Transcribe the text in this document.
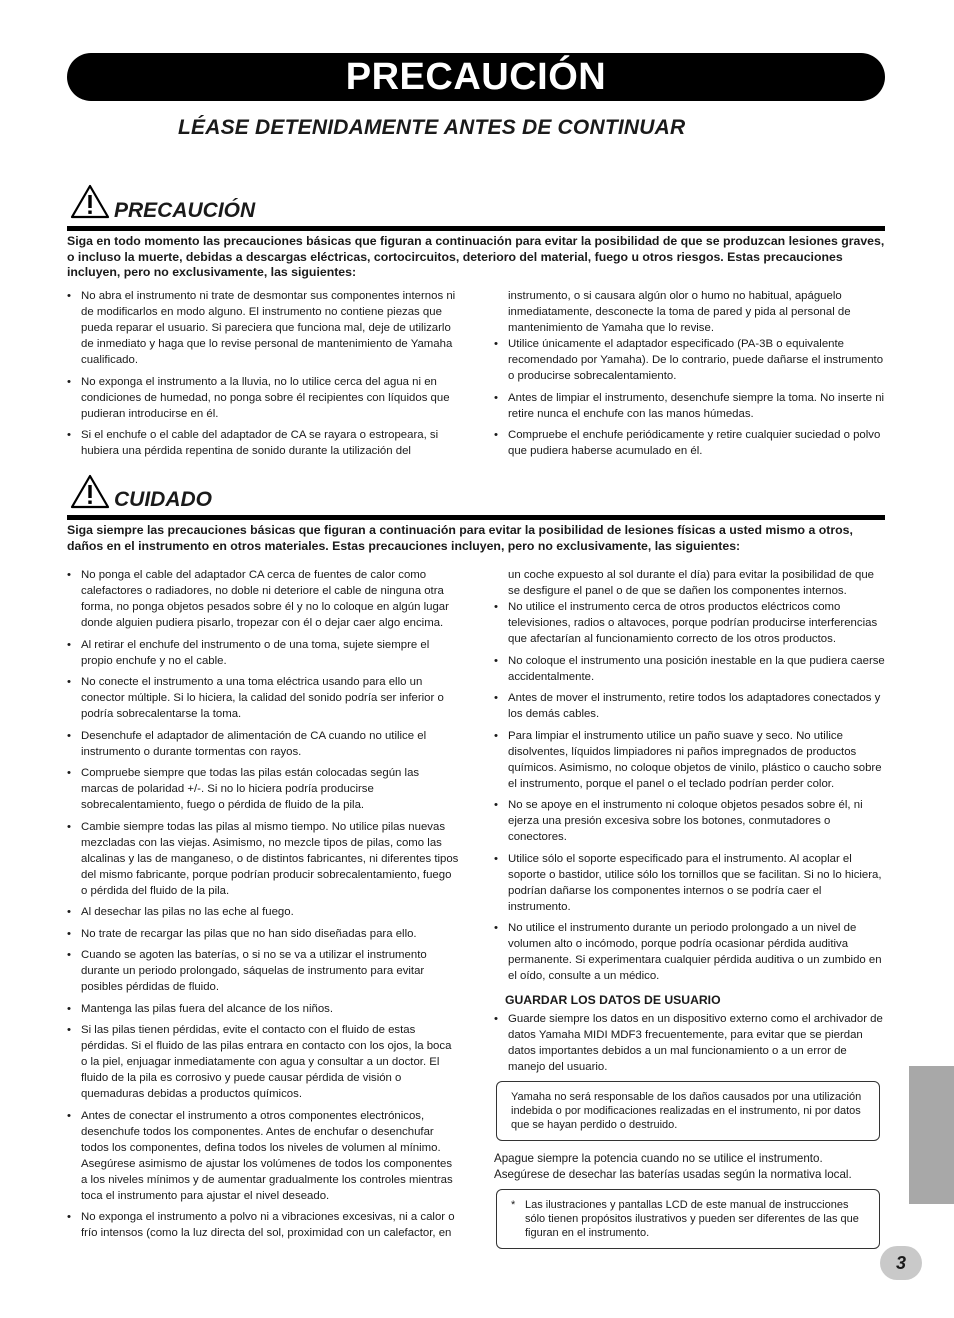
PRECAUCIÓN
LÉASE DETENIDAMENTE ANTES DE CONTINUAR
PRECAUCIÓN
Siga en todo momento las precauciones básicas que figuran a continuación para evitar la posibilidad de que se produzcan lesiones graves, o incluso la muerte, debidas a descargas eléctricas, cortocircuitos, deterioro del material, fuego u otros riesgos. Estas precauciones incluyen, pero no exclusivamente, las siguientes:
• No abra el instrumento ni trate de desmontar sus componentes internos ni de modificarlos en modo alguno. El instrumento no contiene piezas que pueda reparar el usuario. Si pareciera que funciona mal, deje de utilizarlo de inmediato y haga que lo revise personal de mantenimiento de Yamaha cualificado.
• No exponga el instrumento a la lluvia, no lo utilice cerca del agua ni en condiciones de humedad, no ponga sobre él recipientes con líquidos que pudieran introducirse en él.
• Si el enchufe o el cable del adaptador de CA se rayara o estropeara, si hubiera una pérdida repentina de sonido durante la utilización del

instrumento, o si causara algún olor o humo no habitual, apáguelo inmediatamente, desconecte la toma de pared y pida al personal de mantenimiento de Yamaha que lo revise.

• Utilice únicamente el adaptador especificado (PA-3B o equivalente recomendado por Yamaha). De lo contrario, puede dañarse el instrumento o producirse sobrecalentamiento.
• Antes de limpiar el instrumento, desenchufe siempre la toma. No inserte ni retire nunca el enchufe con las manos húmedas.
• Compruebe el enchufe periódicamente y retire cualquier suciedad o polvo que pudiera haberse acumulado en él.
CUIDADO
Siga siempre las precauciones básicas que figuran a continuación para evitar la posibilidad de lesiones físicas a usted mismo a otros, daños en el instrumento en otros materiales. Estas precauciones incluyen, pero no exclusivamente, las siguientes:
• No ponga el cable del adaptador CA cerca de fuentes de calor como calefactores o radiadores, no doble ni deteriore el cable de ninguna otra forma, no ponga objetos pesados sobre él y no lo coloque en algún lugar donde alguien pudiera pisarlo, tropezar con él o dejar caer algo encima.
• Al retirar el enchufe del instrumento o de una toma, sujete siempre el propio enchufe y no el cable.
• No conecte el instrumento a una toma eléctrica usando para ello un conector múltiple. Si lo hiciera, la calidad del sonido podría ser inferior o podría sobrecalentarse la toma.
• Desenchufe el adaptador de alimentación de CA cuando no utilice el instrumento o durante tormentas con rayos.
• Compruebe siempre que todas las pilas están colocadas según las marcas de polaridad +/-. Si no lo hiciera podría producirse sobrecalentamiento, fuego o pérdida de fluido de la pila.
• Cambie siempre todas las pilas al mismo tiempo. No utilice pilas nuevas mezcladas con las viejas. Asimismo, no mezcle tipos de pilas, como las alcalinas y las de manganeso, o de distintos fabricantes, ni diferentes tipos del mismo fabricante, porque podrían producir sobrecalentamiento, fuego o pérdida del fluido de la pila.
• Al desechar las pilas no las eche al fuego.
• No trate de recargar las pilas que no han sido diseñadas para ello.
• Cuando se agoten las baterías, o si no se va a utilizar el instrumento durante un periodo prolongado, sáquelas de instrumento para evitar posibles pérdidas de fluido.
• Mantenga las pilas fuera del alcance de los niños.
• Si las pilas tienen pérdidas, evite el contacto con el fluido de estas pérdidas. Si el fluido de las pilas entrara en contacto con los ojos, la boca o la piel, enjuagar inmediatamente con agua y consultar a un doctor. El fluido de la pila es corrosivo y puede causar pérdida de visión o quemaduras debidas a productos químicos.
• Antes de conectar el instrumento a otros componentes electrónicos, desenchufe todos los componentes. Antes de enchufar o desenchufar todos los componentes, defina todos los niveles de volumen al mínimo. Asegúrese asimismo de ajustar los volúmenes de todos los componentes a los niveles mínimos y de aumentar gradualmente los controles mientras toca el instrumento para ajustar el nivel deseado.
• No exponga el instrumento a polvo ni a vibraciones excesivas, ni a calor o frío intensos (como la luz directa del sol, proximidad con un calefactor, en

un coche expuesto al sol durante el día) para evitar la posibilidad de que se desfigure el panel o de que se dañen los componentes internos.

• No utilice el instrumento cerca de otros productos eléctricos como televisiones, radios o altavoces, porque podrían producirse interferencias que afectarían al funcionamiento correcto de los otros productos.
• No coloque el instrumento una posición inestable en la que pudiera caerse accidentalmente.
• Antes de mover el instrumento, retire todos los adaptadores conectados y los demás cables.
• Para limpiar el instrumento utilice un paño suave y seco. No utilice disolventes, líquidos limpiadores ni paños impregnados de productos químicos. Asimismo, no coloque objetos de vinilo, plástico o caucho sobre el instrumento, porque el panel o el teclado podrían perder color.
• No se apoye en el instrumento ni coloque objetos pesados sobre él, ni ejerza una presión excesiva sobre los botones, conmutadores o conectores.
• Utilice sólo el soporte especificado para el instrumento. Al acoplar el soporte o bastidor, utilice sólo los tornillos que se facilitan. Si no lo hiciera, podrían dañarse los componentes internos o se podría caer el instrumento.
• No utilice el instrumento durante un periodo prolongado a un nivel de volumen alto o incómodo, porque podría ocasionar pérdida auditiva permanente. Si experimentara cualquier pérdida auditiva o un zumbido en el oído, consulte a un médico.
GUARDAR LOS DATOS DE USUARIO
• Guarde siempre los datos en un dispositivo externo como el archivador de datos Yamaha MIDI MDF3 frecuentemente, para evitar que se pierdan datos importantes debidos a un mal funcionamiento o a un error de manejo del usuario.
Yamaha no será responsable de los daños causados por una utilización indebida o por modificaciones realizadas en el instrumento, ni por datos que se hayan perdido o destruido.

Apague siempre la potencia cuando no se utilice el instrumento.

Asegúrese de desechar las baterías usadas según la normativa local.

* Las ilustraciones y pantallas LCD de este manual de instrucciones sólo tienen propósitos ilustrativos y pueden ser diferentes de las que figuran en el instrumento.
3
